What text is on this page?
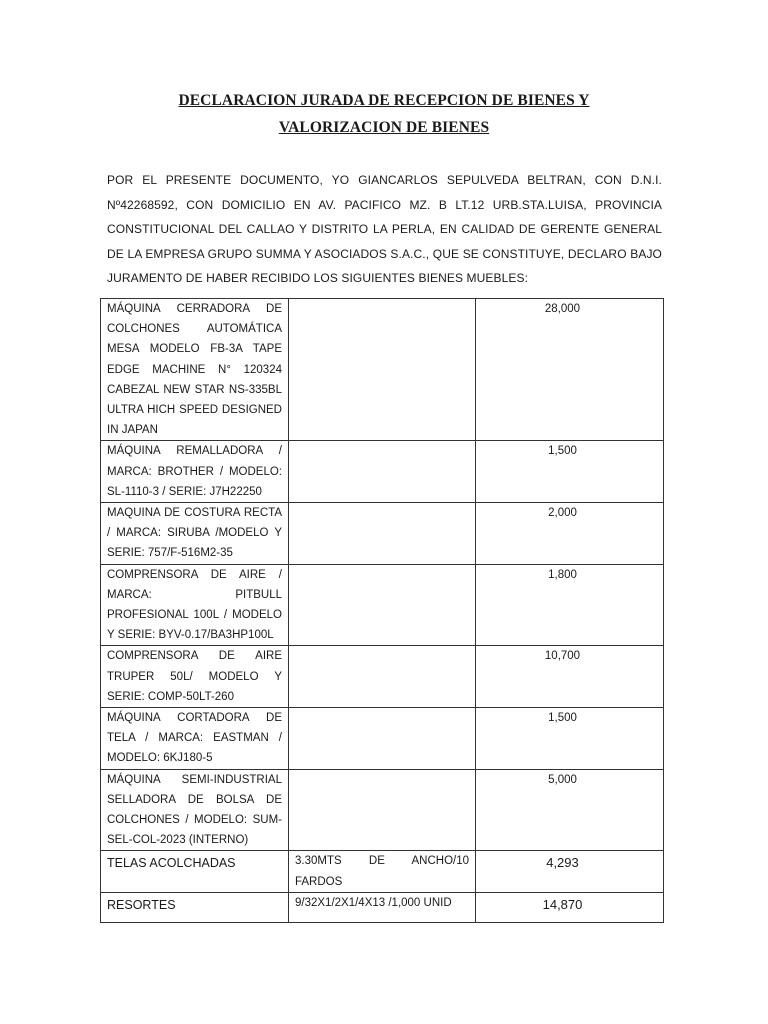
DECLARACION JURADA DE RECEPCION DE BIENES Y
VALORIZACION DE BIENES
POR EL PRESENTE DOCUMENTO, YO GIANCARLOS SEPULVEDA BELTRAN, CON D.N.I. Nº42268592, CON DOMICILIO EN AV. PACIFICO MZ. B LT.12 URB.STA.LUISA, PROVINCIA CONSTITUCIONAL DEL CALLAO Y DISTRITO LA PERLA, EN CALIDAD DE GERENTE GENERAL DE LA EMPRESA GRUPO SUMMA Y ASOCIADOS S.A.C., QUE SE CONSTITUYE, DECLARO BAJO JURAMENTO DE HABER RECIBIDO LOS SIGUIENTES BIENES MUEBLES:
MÁQUINA CERRADORA DE COLCHONES AUTOMÁTICA MESA MODELO FB-3A TAPE EDGE MACHINE N° 120324 CABEZAL NEW STAR NS-335BL ULTRA HICH SPEED DESIGNED IN JAPAN		28,000
MÁQUINA REMALLADORA / MARCA: BROTHER / MODELO: SL-1110-3 / SERIE: J7H22250		1,500
MAQUINA DE COSTURA RECTA / MARCA: SIRUBA /MODELO Y SERIE: 757/F-516M2-35		2,000
COMPRENSORA DE AIRE / MARCA: PITBULL PROFESIONAL 100L / MODELO Y SERIE: BYV-0.17/BA3HP100L		1,800
COMPRENSORA DE AIRE TRUPER 50L/ MODELO Y SERIE: COMP-50LT-260		10,700
MÁQUINA CORTADORA DE TELA / MARCA: EASTMAN / MODELO: 6KJ180-5		1,500
MÁQUINA SEMI-INDUSTRIAL SELLADORA DE BOLSA DE COLCHONES / MODELO: SUM-SEL-COL-2023 (INTERNO)		5,000
TELAS ACOLCHADAS	3.30MTS DE ANCHO/10 FARDOS	4,293
RESORTES	9/32X1/2X1/4X13 /1,000 UNID	14,870
